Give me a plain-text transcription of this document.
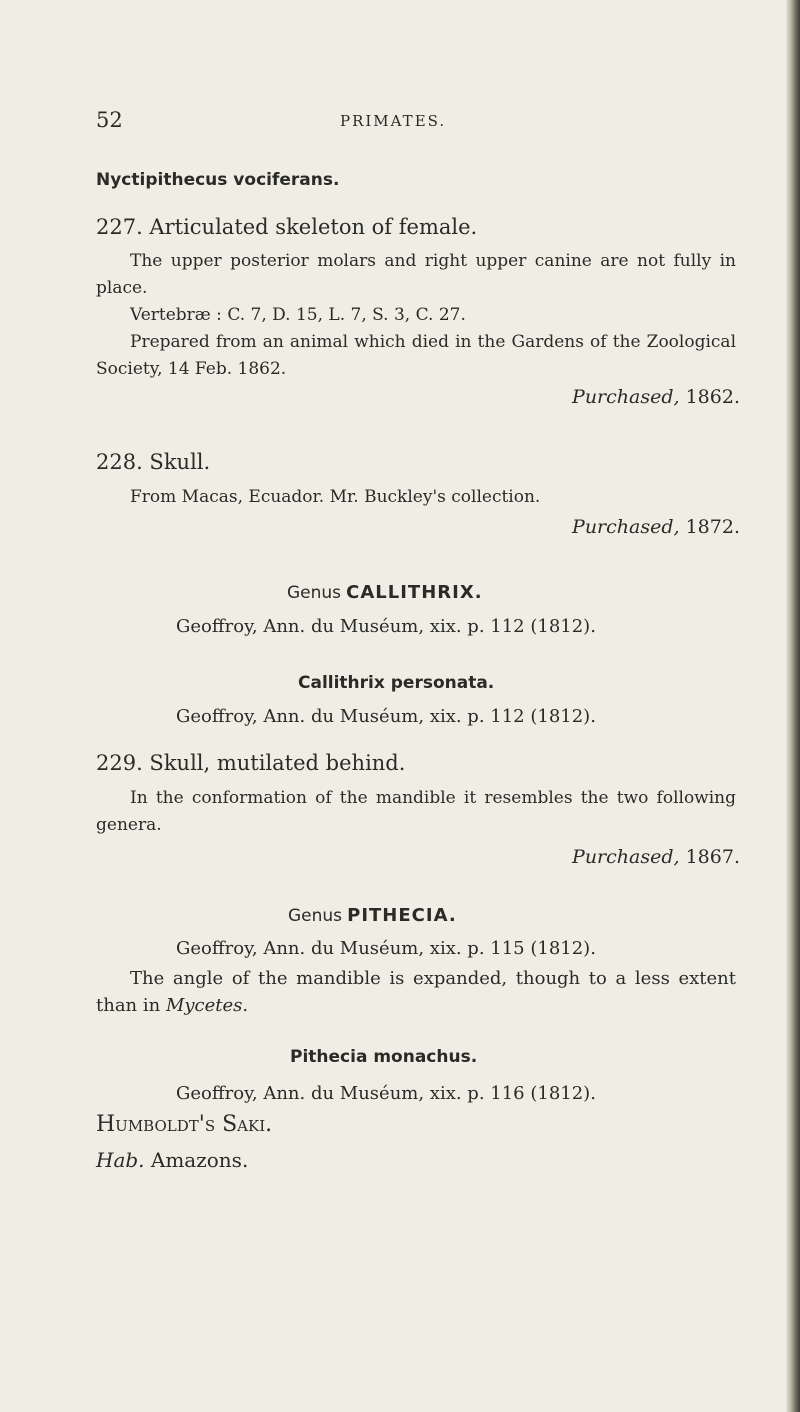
52	PRIMATES.
Nyctipithecus vociferans.
227. Articulated skeleton of female.
The upper posterior molars and right upper canine are not fully in place.
Vertebræ : C. 7, D. 15, L. 7, S. 3, C. 27.
Prepared from an animal which died in the Gardens of the Zoological Society, 14 Feb. 1862.
Purchased, 1862.
228. Skull.
From Macas, Ecuador. Mr. Buckley's collection.
Purchased, 1872.
Genus CALLITHRIX.
Geoffroy, Ann. du Muséum, xix. p. 112 (1812).
Callithrix personata.
Geoffroy, Ann. du Muséum, xix. p. 112 (1812).
229. Skull, mutilated behind.
In the conformation of the mandible it resembles the two following genera.
Purchased, 1867.
Genus PITHECIA.
Geoffroy, Ann. du Muséum, xix. p. 115 (1812).
The angle of the mandible is expanded, though to a less extent than in Mycetes.
Pithecia monachus.
Geoffroy, Ann. du Muséum, xix. p. 116 (1812).
Humboldt's Saki.
Hab. Amazons.
